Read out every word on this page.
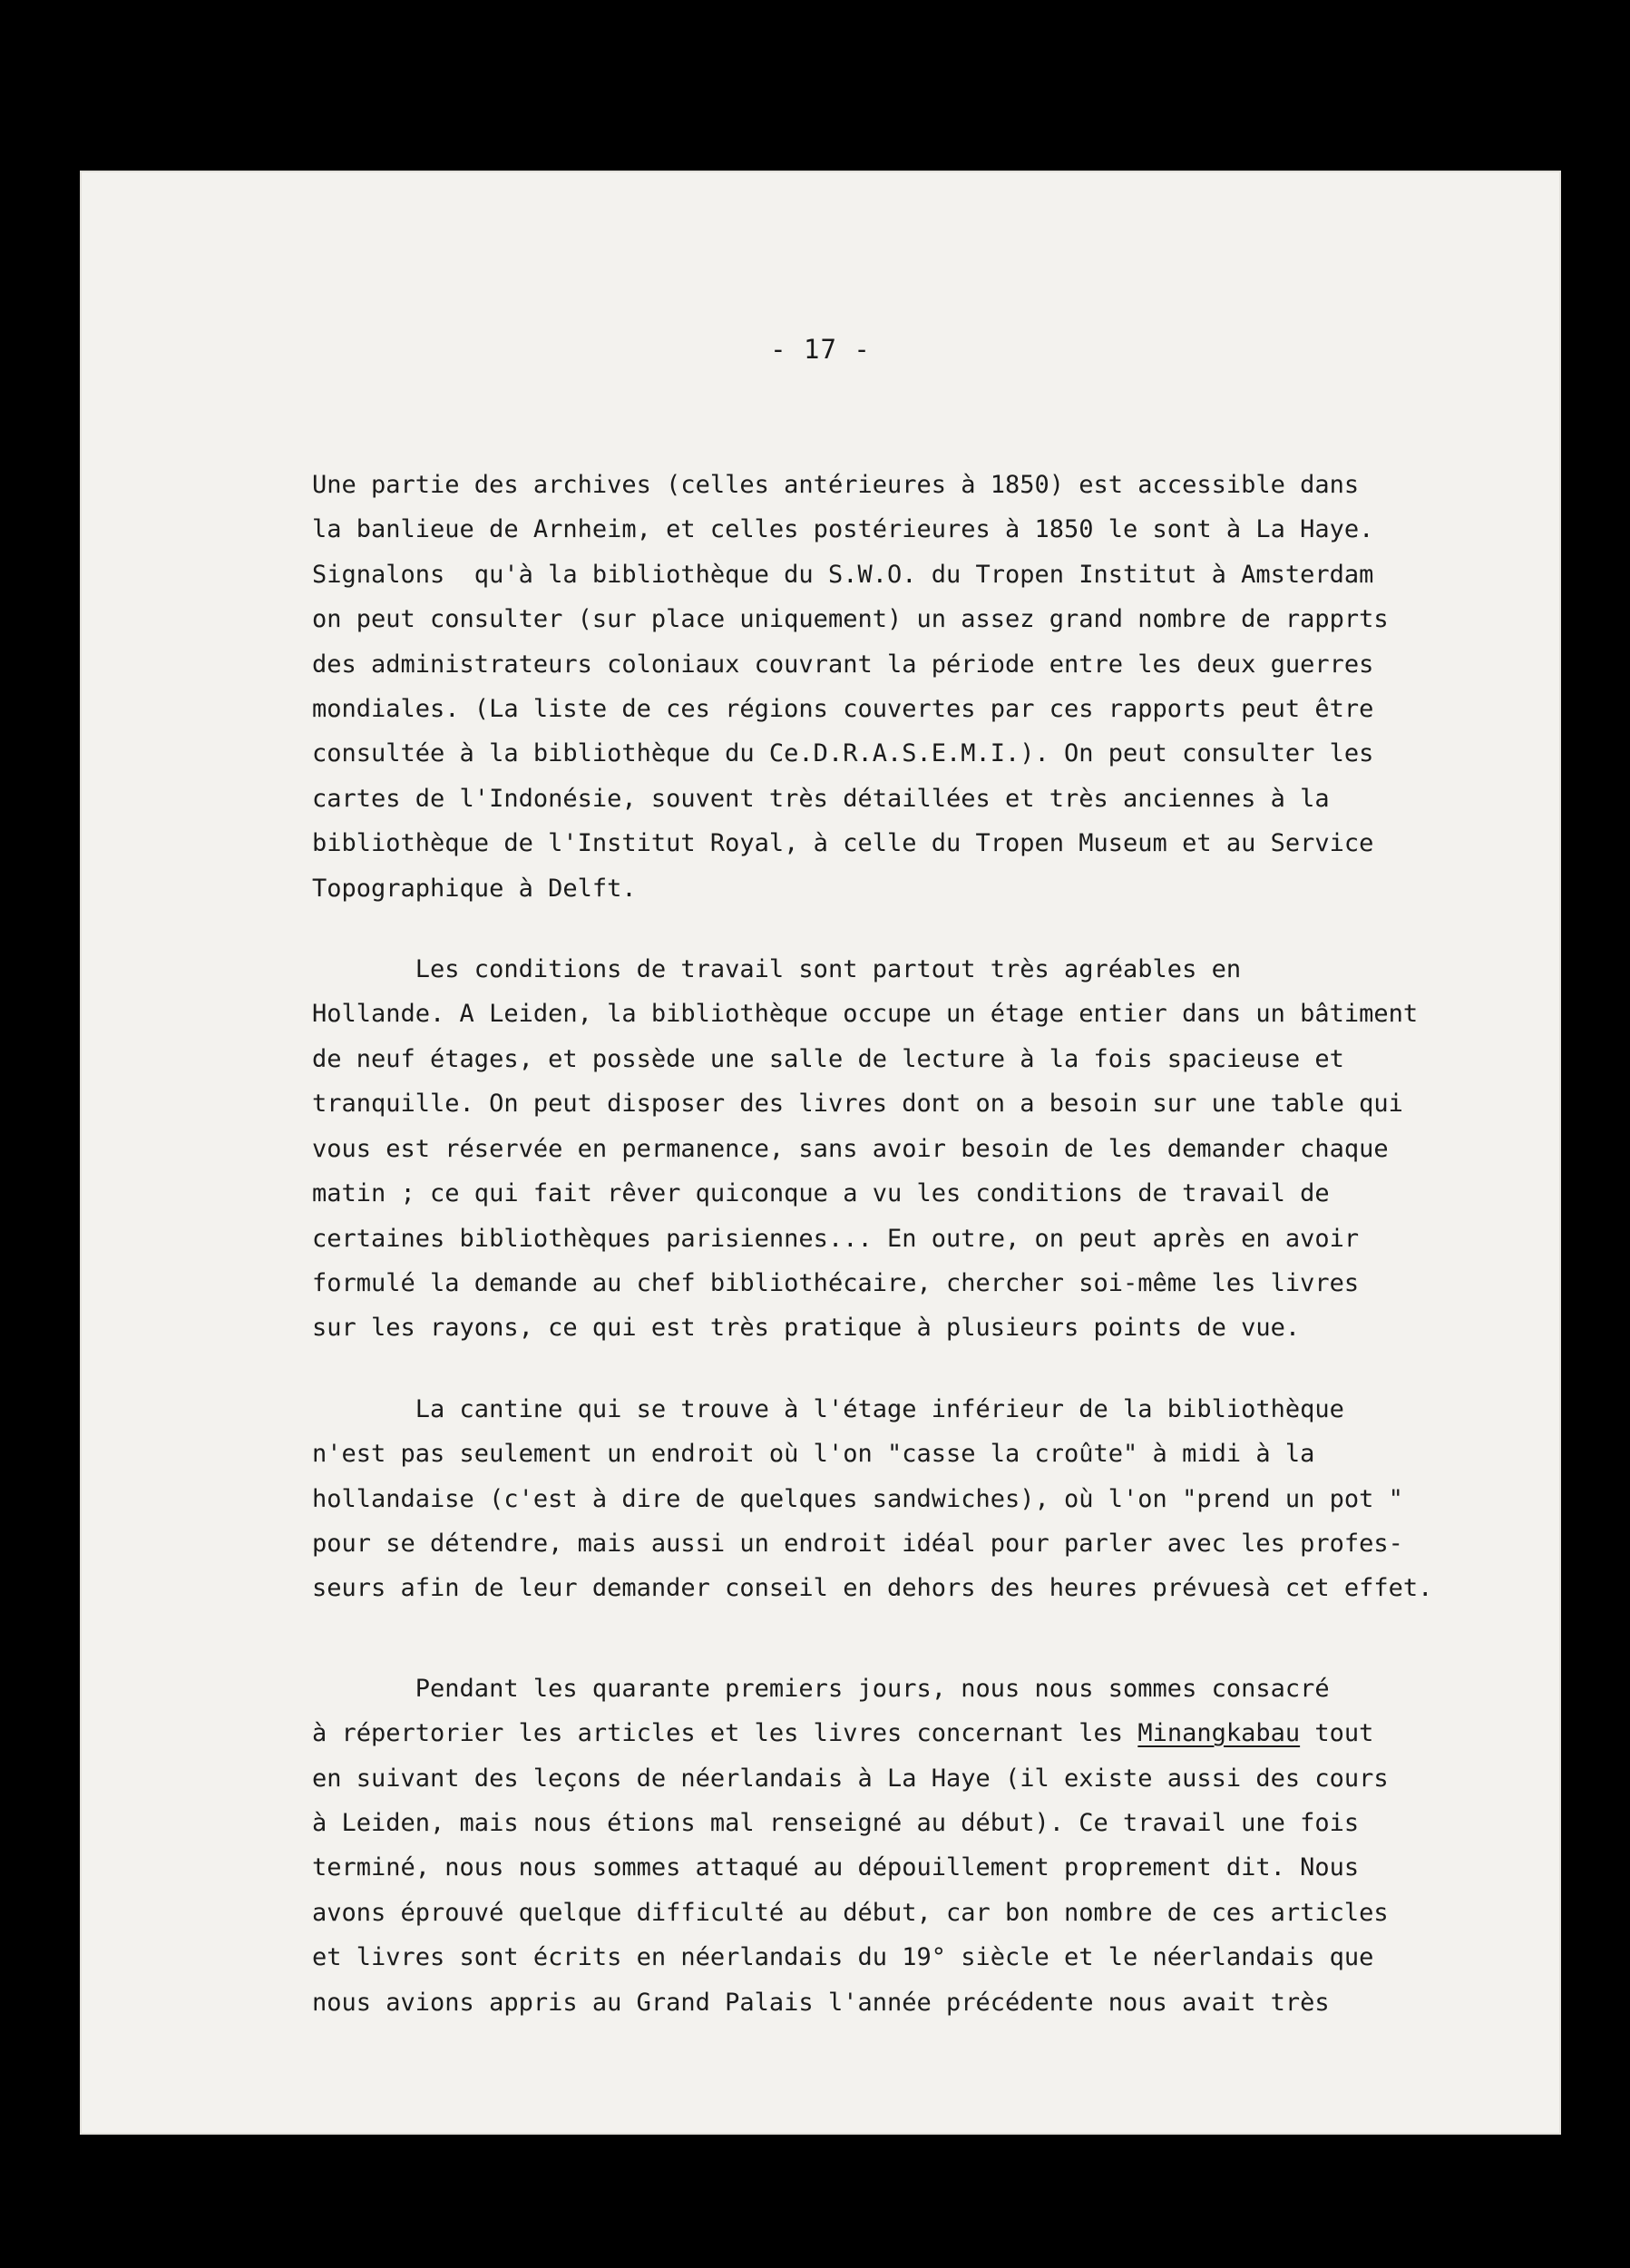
- 17 -
Une partie des archives (celles antérieures à 1850) est accessible dans
la banlieue de Arnheim, et celles postérieures à 1850 le sont à La Haye.
Signalons  qu'à la bibliothèque du S.W.O. du Tropen Institut à Amsterdam
on peut consulter (sur place uniquement) un assez grand nombre de rapprts
des administrateurs coloniaux couvrant la période entre les deux guerres
mondiales. (La liste de ces régions couvertes par ces rapports peut être
consultée à la bibliothèque du Ce.D.R.A.S.E.M.I.). On peut consulter les
cartes de l'Indonésie, souvent très détaillées et très anciennes à la
bibliothèque de l'Institut Royal, à celle du Tropen Museum et au Service
Topographique à Delft.
Les conditions de travail sont partout très agréables en
Hollande. A Leiden, la bibliothèque occupe un étage entier dans un bâtiment
de neuf étages, et possède une salle de lecture à la fois spacieuse et
tranquille. On peut disposer des livres dont on a besoin sur une table qui
vous est réservée en permanence, sans avoir besoin de les demander chaque
matin ; ce qui fait rêver quiconque a vu les conditions de travail de
certaines bibliothèques parisiennes... En outre, on peut après en avoir
formulé la demande au chef bibliothécaire, chercher soi-même les livres
sur les rayons, ce qui est très pratique à plusieurs points de vue.
La cantine qui se trouve à l'étage inférieur de la bibliothèque
n'est pas seulement un endroit où l'on "casse la croûte" à midi à la
hollandaise (c'est à dire de quelques sandwiches), où l'on "prend un pot "
pour se détendre, mais aussi un endroit idéal pour parler avec les profes-
seurs afin de leur demander conseil en dehors des heures prévuesà cet effet.
Pendant les quarante premiers jours, nous nous sommes consacré
à répertorier les articles et les livres concernant les Minangkabau tout
en suivant des leçons de néerlandais à La Haye (il existe aussi des cours
à Leiden, mais nous étions mal renseigné au début). Ce travail une fois
terminé, nous nous sommes attaqué au dépouillement proprement dit. Nous
avons éprouvé quelque difficulté au début, car bon nombre de ces articles
et livres sont écrits en néerlandais du 19° siècle et le néerlandais que
nous avions appris au Grand Palais l'année précédente nous avait très
